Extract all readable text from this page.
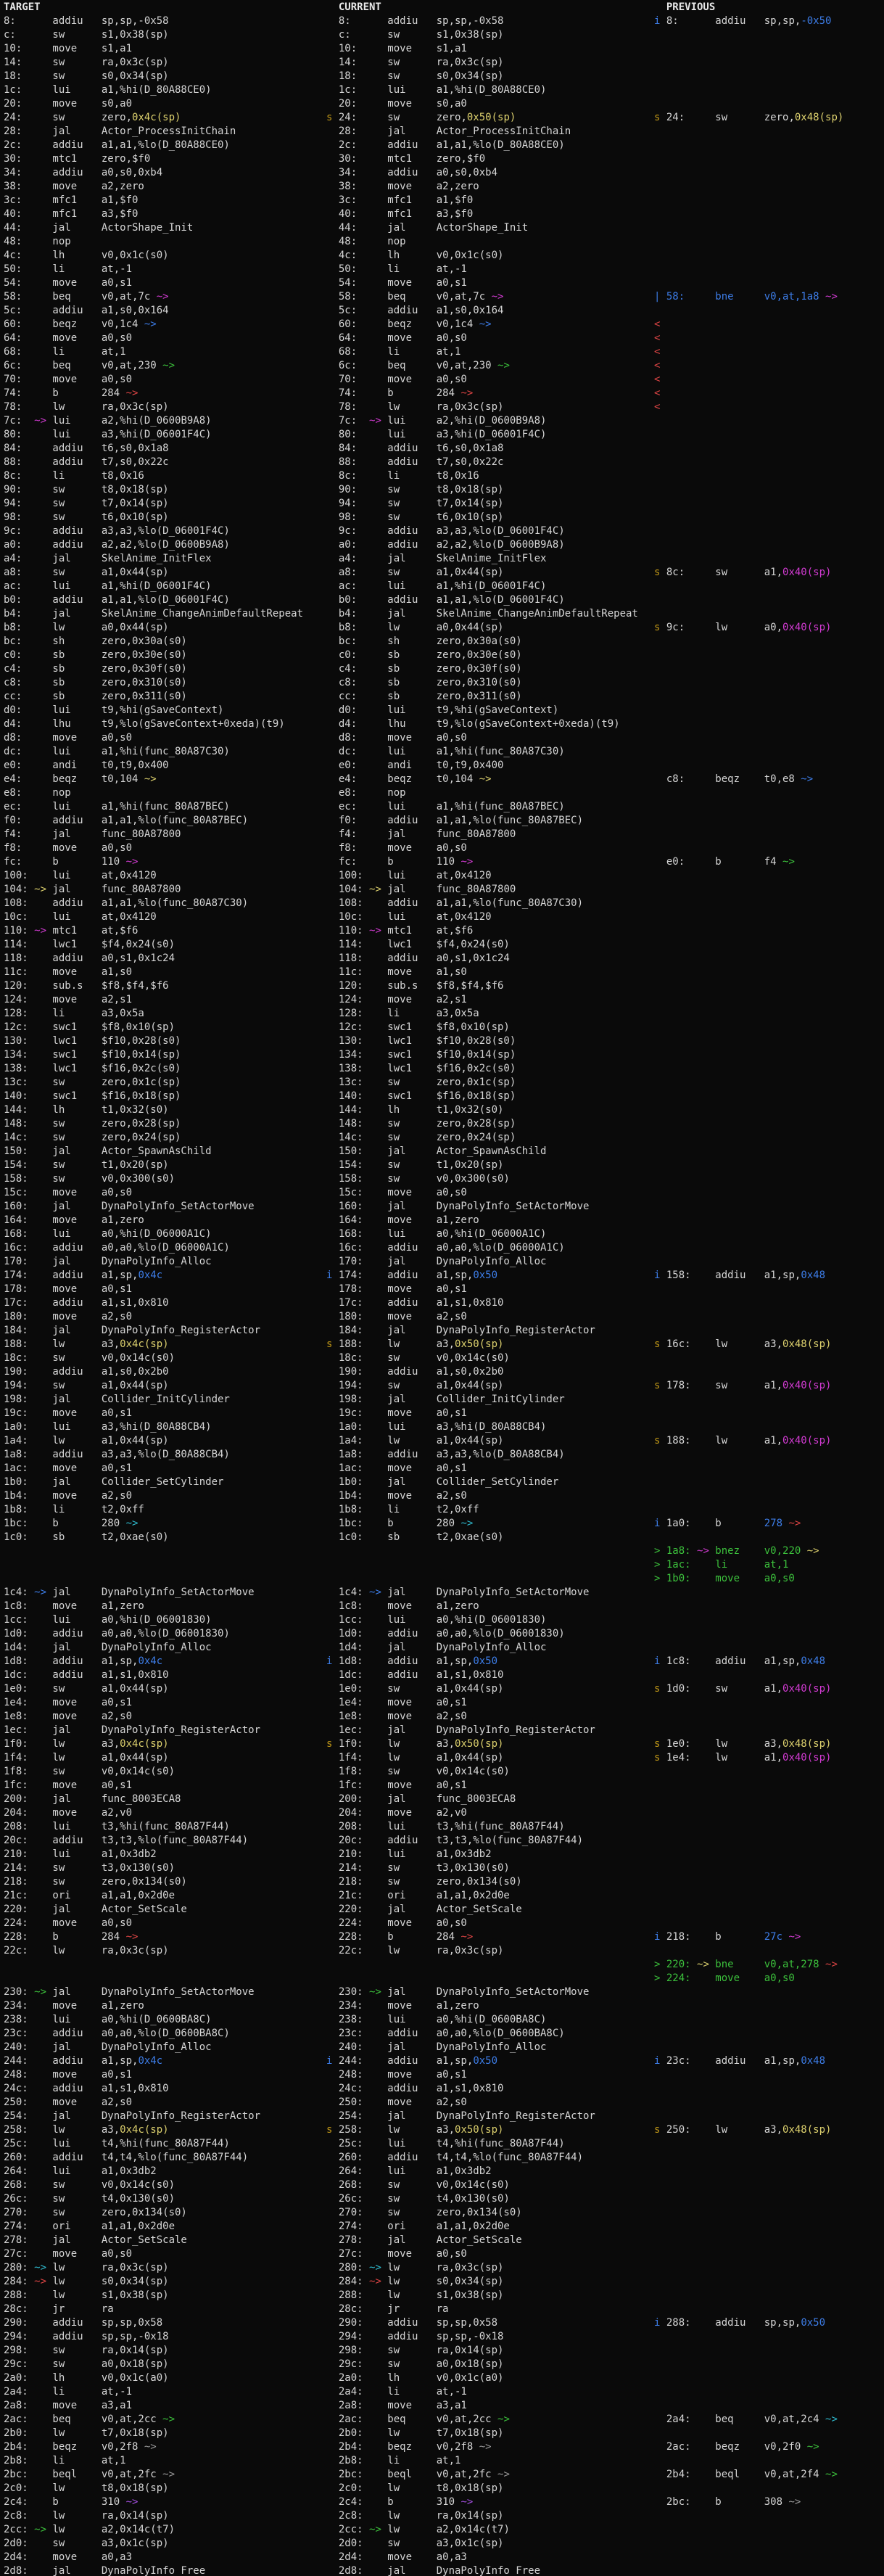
TARGET
8:      addiu   sp,sp,-0x58
c:      sw      s1,0x38(sp)
10:     move    s1,a1
14:     sw      ra,0x3c(sp)
18:     sw      s0,0x34(sp)
1c:     lui     a1,%hi(D_80A88CE0)
20:     move    s0,a0
24:     sw      zero,0x4c(sp)
28:     jal     Actor_ProcessInitChain
2c:     addiu   a1,a1,%lo(D_80A88CE0)
30:     mtc1    zero,$f0
34:     addiu   a0,s0,0xb4
38:     move    a2,zero
3c:     mfc1    a1,$f0
40:     mfc1    a3,$f0
44:     jal     ActorShape_Init
48:     nop
4c:     lh      v0,0x1c(s0)
50:     li      at,-1
54:     move    a0,s1
58:     beq     v0,at,7c ~>
5c:     addiu   a1,s0,0x164
60:     beqz    v0,1c4 ~>
64:     move    a0,s0
68:     li      at,1
6c:     beq     v0,at,230 ~>
70:     move    a0,s0
74:     b       284 ~>
78:     lw      ra,0x3c(sp)
7c:  ~> lui     a2,%hi(D_0600B9A8)
80:     lui     a3,%hi(D_06001F4C)
84:     addiu   t6,s0,0x1a8
88:     addiu   t7,s0,0x22c
8c:     li      t8,0x16
90:     sw      t8,0x18(sp)
94:     sw      t7,0x14(sp)
98:     sw      t6,0x10(sp)
9c:     addiu   a3,a3,%lo(D_06001F4C)
a0:     addiu   a2,a2,%lo(D_0600B9A8)
a4:     jal     SkelAnime_InitFlex
a8:     sw      a1,0x44(sp)
ac:     lui     a1,%hi(D_06001F4C)
b0:     addiu   a1,a1,%lo(D_06001F4C)
b4:     jal     SkelAnime_ChangeAnimDefaultRepeat
b8:     lw      a0,0x44(sp)
bc:     sh      zero,0x30a(s0)
c0:     sb      zero,0x30e(s0)
c4:     sb      zero,0x30f(s0)
c8:     sb      zero,0x310(s0)
cc:     sb      zero,0x311(s0)
d0:     lui     t9,%hi(gSaveContext)
d4:     lhu     t9,%lo(gSaveContext+0xeda)(t9)
d8:     move    a0,s0
dc:     lui     a1,%hi(func_80A87C30)
e0:     andi    t0,t9,0x400
e4:     beqz    t0,104 ~>
e8:     nop
ec:     lui     a1,%hi(func_80A87BEC)
f0:     addiu   a1,a1,%lo(func_80A87BEC)
f4:     jal     func_80A87800
f8:     move    a0,s0
fc:     b       110 ~>
100:    lui     at,0x4120
104: ~> jal     func_80A87800
108:    addiu   a1,a1,%lo(func_80A87C30)
10c:    lui     at,0x4120
110: ~> mtc1    at,$f6
114:    lwc1    $f4,0x24(s0)
118:    addiu   a0,s1,0x1c24
11c:    move    a1,s0
120:    sub.s   $f8,$f4,$f6
124:    move    a2,s1
128:    li      a3,0x5a
12c:    swc1    $f8,0x10(sp)
130:    lwc1    $f10,0x28(s0)
134:    swc1    $f10,0x14(sp)
138:    lwc1    $f16,0x2c(s0)
13c:    sw      zero,0x1c(sp)
140:    swc1    $f16,0x18(sp)
144:    lh      t1,0x32(s0)
148:    sw      zero,0x28(sp)
14c:    sw      zero,0x24(sp)
150:    jal     Actor_SpawnAsChild
154:    sw      t1,0x20(sp)
158:    sw      v0,0x300(s0)
15c:    move    a0,s0
160:    jal     DynaPolyInfo_SetActorMove
164:    move    a1,zero
168:    lui     a0,%hi(D_06000A1C)
16c:    addiu   a0,a0,%lo(D_06000A1C)
170:    jal     DynaPolyInfo_Alloc
174:    addiu   a1,sp,0x4c
178:    move    a0,s1
17c:    addiu   a1,s1,0x810
180:    move    a2,s0
184:    jal     DynaPolyInfo_RegisterActor
188:    lw      a3,0x4c(sp)
18c:    sw      v0,0x14c(s0)
190:    addiu   a1,s0,0x2b0
194:    sw      a1,0x44(sp)
198:    jal     Collider_InitCylinder
19c:    move    a0,s1
1a0:    lui     a3,%hi(D_80A88CB4)
1a4:    lw      a1,0x44(sp)
1a8:    addiu   a3,a3,%lo(D_80A88CB4)
1ac:    move    a0,s1
1b0:    jal     Collider_SetCylinder
1b4:    move    a2,s0
1b8:    li      t2,0xff
1bc:    b       280 ~>
1c0:    sb      t2,0xae(s0)

1c4: ~> jal     DynaPolyInfo_SetActorMove
1c8:    move    a1,zero
1cc:    lui     a0,%hi(D_06001830)
1d0:    addiu   a0,a0,%lo(D_06001830)
1d4:    jal     DynaPolyInfo_Alloc
1d8:    addiu   a1,sp,0x4c
1dc:    addiu   a1,s1,0x810
1e0:    sw      a1,0x44(sp)
1e4:    move    a0,s1
1e8:    move    a2,s0
1ec:    jal     DynaPolyInfo_RegisterActor
1f0:    lw      a3,0x4c(sp)
1f4:    lw      a1,0x44(sp)
1f8:    sw      v0,0x14c(s0)
1fc:    move    a0,s1
200:    jal     func_8003ECA8
204:    move    a2,v0
208:    lui     t3,%hi(func_80A87F44)
20c:    addiu   t3,t3,%lo(func_80A87F44)
210:    lui     a1,0x3db2
214:    sw      t3,0x130(s0)
218:    sw      zero,0x134(s0)
21c:    ori     a1,a1,0x2d0e
220:    jal     Actor_SetScale
224:    move    a0,s0
228:    b       284 ~>
22c:    lw      ra,0x3c(sp)

230: ~> jal     DynaPolyInfo_SetActorMove
234:    move    a1,zero
238:    lui     a0,%hi(D_0600BA8C)
23c:    addiu   a0,a0,%lo(D_0600BA8C)
240:    jal     DynaPolyInfo_Alloc
244:    addiu   a1,sp,0x4c
248:    move    a0,s1
24c:    addiu   a1,s1,0x810
250:    move    a2,s0
254:    jal     DynaPolyInfo_RegisterActor
258:    lw      a3,0x4c(sp)
25c:    lui     t4,%hi(func_80A87F44)
260:    addiu   t4,t4,%lo(func_80A87F44)
264:    lui     a1,0x3db2
268:    sw      v0,0x14c(s0)
26c:    sw      t4,0x130(s0)
270:    sw      zero,0x134(s0)
274:    ori     a1,a1,0x2d0e
278:    jal     Actor_SetScale
27c:    move    a0,s0
280: ~> lw      ra,0x3c(sp)
284: ~> lw      s0,0x34(sp)
288:    lw      s1,0x38(sp)
28c:    jr      ra
290:    addiu   sp,sp,0x58
294:    addiu   sp,sp,-0x18
298:    sw      ra,0x14(sp)
29c:    sw      a0,0x18(sp)
2a0:    lh      v0,0x1c(a0)
2a4:    li      at,-1
2a8:    move    a3,a1
2ac:    beq     v0,at,2cc ~>
2b0:    lw      t7,0x18(sp)
2b4:    beqz    v0,2f8 ~>
2b8:    li      at,1
2bc:    beql    v0,at,2fc ~>
2c0:    lw      t8,0x18(sp)
2c4:    b       310 ~>
2c8:    lw      ra,0x14(sp)
2cc: ~> lw      a2,0x14c(t7)
2d0:    sw      a3,0x1c(sp)
2d4:    move    a0,a3
2d8:    jal     DynaPolyInfo_Free

CURRENT
8:      addiu   sp,sp,-0x58
c:      sw      s1,0x38(sp)
10:     move    s1,a1
14:     sw      ra,0x3c(sp)
18:     sw      s0,0x34(sp)
1c:     lui     a1,%hi(D_80A88CE0)
20:     move    s0,a0
s 24:     sw      zero,0x50(sp)
28:     jal     Actor_ProcessInitChain
2c:     addiu   a1,a1,%lo(D_80A88CE0)
30:     mtc1    zero,$f0
34:     addiu   a0,s0,0xb4
38:     move    a2,zero
3c:     mfc1    a1,$f0
40:     mfc1    a3,$f0
44:     jal     ActorShape_Init
48:     nop
4c:     lh      v0,0x1c(s0)
50:     li      at,-1
54:     move    a0,s1
58:     beq     v0,at,7c ~>
5c:     addiu   a1,s0,0x164
60:     beqz    v0,1c4 ~>
64:     move    a0,s0
68:     li      at,1
6c:     beq     v0,at,230 ~>
70:     move    a0,s0
74:     b       284 ~>
78:     lw      ra,0x3c(sp)
7c:  ~> lui     a2,%hi(D_0600B9A8)
80:     lui     a3,%hi(D_06001F4C)
84:     addiu   t6,s0,0x1a8
88:     addiu   t7,s0,0x22c
8c:     li      t8,0x16
90:     sw      t8,0x18(sp)
94:     sw      t7,0x14(sp)
98:     sw      t6,0x10(sp)
9c:     addiu   a3,a3,%lo(D_06001F4C)
a0:     addiu   a2,a2,%lo(D_0600B9A8)
a4:     jal     SkelAnime_InitFlex
a8:     sw      a1,0x44(sp)
ac:     lui     a1,%hi(D_06001F4C)
b0:     addiu   a1,a1,%lo(D_06001F4C)
b4:     jal     SkelAnime_ChangeAnimDefaultRepeat
b8:     lw      a0,0x44(sp)
bc:     sh      zero,0x30a(s0)
c0:     sb      zero,0x30e(s0)
c4:     sb      zero,0x30f(s0)
c8:     sb      zero,0x310(s0)
cc:     sb      zero,0x311(s0)
d0:     lui     t9,%hi(gSaveContext)
d4:     lhu     t9,%lo(gSaveContext+0xeda)(t9)
d8:     move    a0,s0
dc:     lui     a1,%hi(func_80A87C30)
e0:     andi    t0,t9,0x400
e4:     beqz    t0,104 ~>
e8:     nop
ec:     lui     a1,%hi(func_80A87BEC)
f0:     addiu   a1,a1,%lo(func_80A87BEC)
f4:     jal     func_80A87800
f8:     move    a0,s0
fc:     b       110 ~>
100:    lui     at,0x4120
104: ~> jal     func_80A87800
108:    addiu   a1,a1,%lo(func_80A87C30)
10c:    lui     at,0x4120
110: ~> mtc1    at,$f6
114:    lwc1    $f4,0x24(s0)
118:    addiu   a0,s1,0x1c24
11c:    move    a1,s0
120:    sub.s   $f8,$f4,$f6
124:    move    a2,s1
128:    li      a3,0x5a
12c:    swc1    $f8,0x10(sp)
130:    lwc1    $f10,0x28(s0)
134:    swc1    $f10,0x14(sp)
138:    lwc1    $f16,0x2c(s0)
13c:    sw      zero,0x1c(sp)
140:    swc1    $f16,0x18(sp)
144:    lh      t1,0x32(s0)
148:    sw      zero,0x28(sp)
14c:    sw      zero,0x24(sp)
150:    jal     Actor_SpawnAsChild
154:    sw      t1,0x20(sp)
158:    sw      v0,0x300(s0)
15c:    move    a0,s0
160:    jal     DynaPolyInfo_SetActorMove
164:    move    a1,zero
168:    lui     a0,%hi(D_06000A1C)
16c:    addiu   a0,a0,%lo(D_06000A1C)
170:    jal     DynaPolyInfo_Alloc
i 174:    addiu   a1,sp,0x50
178:    move    a0,s1
17c:    addiu   a1,s1,0x810
180:    move    a2,s0
184:    jal     DynaPolyInfo_RegisterActor
s 188:    lw      a3,0x50(sp)
18c:    sw      v0,0x14c(s0)
190:    addiu   a1,s0,0x2b0
194:    sw      a1,0x44(sp)
198:    jal     Collider_InitCylinder
19c:    move    a0,s1
1a0:    lui     a3,%hi(D_80A88CB4)
1a4:    lw      a1,0x44(sp)
1a8:    addiu   a3,a3,%lo(D_80A88CB4)
1ac:    move    a0,s1
1b0:    jal     Collider_SetCylinder
1b4:    move    a2,s0
1b8:    li      t2,0xff
1bc:    b       280 ~>
1c0:    sb      t2,0xae(s0)

1c4: ~> jal     DynaPolyInfo_SetActorMove
1c8:    move    a1,zero
1cc:    lui     a0,%hi(D_06001830)
1d0:    addiu   a0,a0,%lo(D_06001830)
1d4:    jal     DynaPolyInfo_Alloc
i 1d8:    addiu   a1,sp,0x50
1dc:    addiu   a1,s1,0x810
1e0:    sw      a1,0x44(sp)
1e4:    move    a0,s1
1e8:    move    a2,s0
1ec:    jal     DynaPolyInfo_RegisterActor
s 1f0:    lw      a3,0x50(sp)
1f4:    lw      a1,0x44(sp)
1f8:    sw      v0,0x14c(s0)
1fc:    move    a0,s1
200:    jal     func_8003ECA8
204:    move    a2,v0
208:    lui     t3,%hi(func_80A87F44)
20c:    addiu   t3,t3,%lo(func_80A87F44)
210:    lui     a1,0x3db2
214:    sw      t3,0x130(s0)
218:    sw      zero,0x134(s0)
21c:    ori     a1,a1,0x2d0e
220:    jal     Actor_SetScale
224:    move    a0,s0
228:    b       284 ~>
22c:    lw      ra,0x3c(sp)

230: ~> jal     DynaPolyInfo_SetActorMove
234:    move    a1,zero
238:    lui     a0,%hi(D_0600BA8C)
23c:    addiu   a0,a0,%lo(D_0600BA8C)
240:    jal     DynaPolyInfo_Alloc
i 244:    addiu   a1,sp,0x50
248:    move    a0,s1
24c:    addiu   a1,s1,0x810
250:    move    a2,s0
254:    jal     DynaPolyInfo_RegisterActor
s 258:    lw      a3,0x50(sp)
25c:    lui     t4,%hi(func_80A87F44)
260:    addiu   t4,t4,%lo(func_80A87F44)
264:    lui     a1,0x3db2
268:    sw      v0,0x14c(s0)
26c:    sw      t4,0x130(s0)
270:    sw      zero,0x134(s0)
274:    ori     a1,a1,0x2d0e
278:    jal     Actor_SetScale
27c:    move    a0,s0
280: ~> lw      ra,0x3c(sp)
284: ~> lw      s0,0x34(sp)
288:    lw      s1,0x38(sp)
28c:    jr      ra
290:    addiu   sp,sp,0x58
294:    addiu   sp,sp,-0x18
298:    sw      ra,0x14(sp)
29c:    sw      a0,0x18(sp)
2a0:    lh      v0,0x1c(a0)
2a4:    li      at,-1
2a8:    move    a3,a1
2ac:    beq     v0,at,2cc ~>
2b0:    lw      t7,0x18(sp)
2b4:    beqz    v0,2f8 ~>
2b8:    li      at,1
2bc:    beql    v0,at,2fc ~>
2c0:    lw      t8,0x18(sp)
2c4:    b       310 ~>
2c8:    lw      ra,0x14(sp)
2cc: ~> lw      a2,0x14c(t7)
2d0:    sw      a3,0x1c(sp)
2d4:    move    a0,a3
2d8:    jal     DynaPolyInfo_Free

PREVIOUS
i 8:      addiu   sp,sp,-0x50

s 24:     sw      zero,0x48(sp)

| 58:     bne     v0,at,1a8 ~>

<
<
<
<
<
<
<

s 8c:     sw      a1,0x40(sp)

s 9c:     lw      a0,0x40(sp)

c8:     beqz    t0,e8 ~>

e0:     b       f4 ~>

i 158:    addiu   a1,sp,0x48

s 16c:    lw      a3,0x48(sp)

s 178:    sw      a1,0x40(sp)

s 188:    lw      a1,0x40(sp)

i 1a0:    b       278 ~>

> 1a8: ~> bnez    v0,220 ~>
> 1ac:    li      at,1
> 1b0:    move    a0,s0

i 1c8:    addiu   a1,sp,0x48

s 1d0:    sw      a1,0x40(sp)

s 1e0:    lw      a3,0x48(sp)
s 1e4:    lw      a1,0x40(sp)

i 218:    b       27c ~>

> 220: ~> bne     v0,at,278 ~>
> 224:    move    a0,s0

i 23c:    addiu   a1,sp,0x48

s 250:    lw      a3,0x48(sp)

i 288:    addiu   sp,sp,0x50

2a4:    beq     v0,at,2c4 ~>

2ac:    beqz    v0,2f0 ~>

2b4:    beql    v0,at,2f4 ~>

2bc:    b       308 ~>
